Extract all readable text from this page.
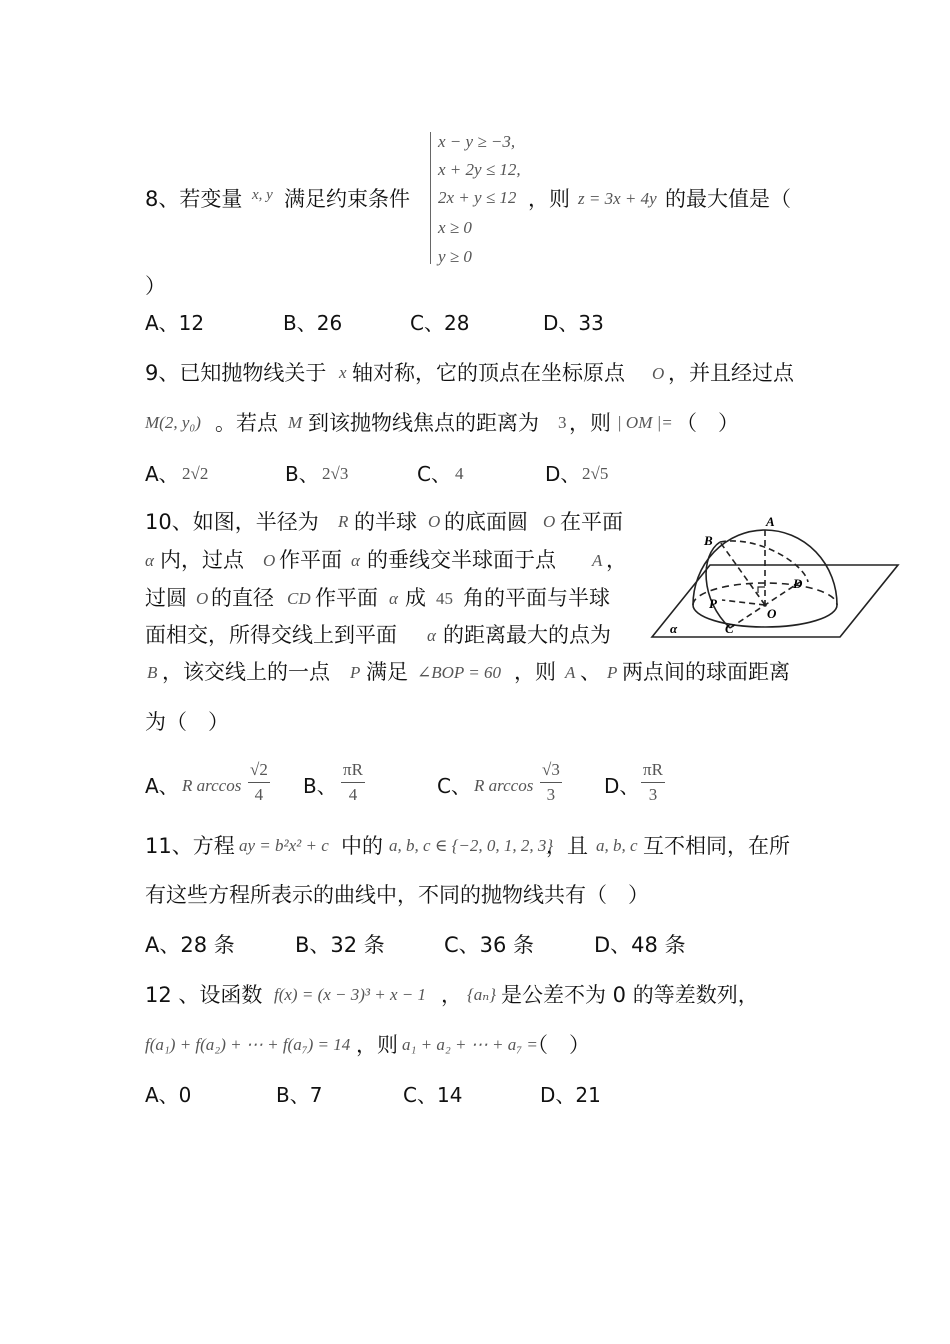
8、若变量 x, y 满足约束条件
x − y ≥ −3,
x + 2y ≤ 12,
2x + y ≤ 12
x ≥ 0
y ≥ 0
，则 z = 3x + 4y 的最大值是（
）
A、12	B、26	C、28	D、33
9、已知抛物线关于 x 轴对称，它的顶点在坐标原点 O ，并且经过点
M(2, y₀) 。若点 M 到该抛物线焦点的距离为 3 ，则 | OM |= （　）
A、 2√2	B、 2√3	C、 4	D、 2√5
10、如图，半径为 R 的半球 O 的底面圆 O 在平面
α 内，过点 O 作平面 α 的垂线交半球面于点 A ，
过圆 O 的直径 CD 作平面 α 成 45 角的平面与半球
面相交，所得交线上到平面 α 的距离最大的点为
B ，该交线上的一点 P 满足 ∠BOP = 60 ，则 A 、 P 两点间的球面距离
为（　）
A、 R arccos
√2
4	B、
πR
4	C、 R arccos
√3
3	D、
πR
3
A
B
D
O
P
C
α
11、方程 ay = b²x² + c 中的 a, b, c ∈ {−2, 0, 1, 2, 3}
，且 a, b, c 互不相同，在所
有这些方程所表示的曲线中，不同的抛物线共有（　）
A、28 条	B、32 条	C、36 条	D、48 条
12 、设函数 f(x) = (x − 3)³ + x − 1 ， {aₙ} 是公差不为 0 的等差数列，
f(a₁) + f(a₂) + ⋯ + f(a₇) = 14 ，则 a₁ + a₂ + ⋯ + a₇ =
（　）
A、0	B、7	C、14	D、21
